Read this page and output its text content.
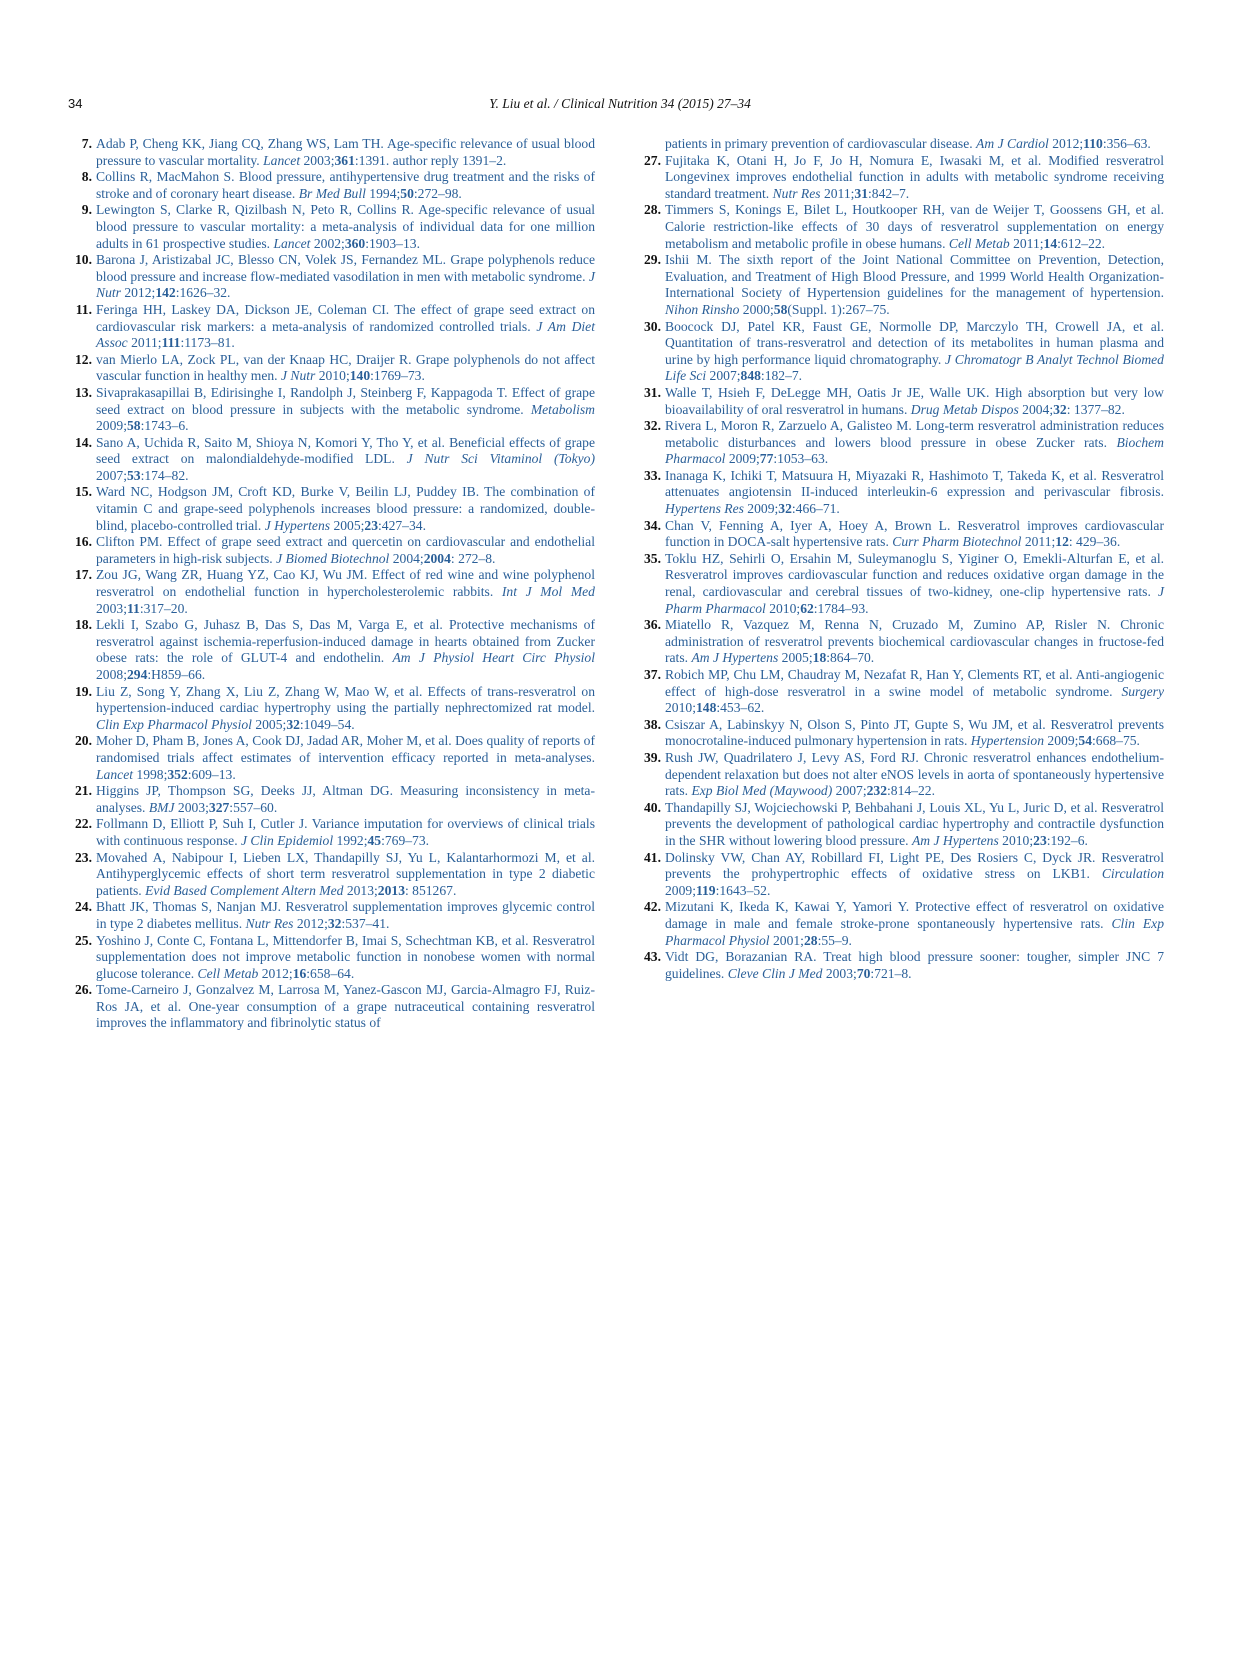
34	Y. Liu et al. / Clinical Nutrition 34 (2015) 27–34
7. Adab P, Cheng KK, Jiang CQ, Zhang WS, Lam TH. Age-specific relevance of usual blood pressure to vascular mortality. Lancet 2003;361:1391. author reply 1391–2.
8. Collins R, MacMahon S. Blood pressure, antihypertensive drug treatment and the risks of stroke and of coronary heart disease. Br Med Bull 1994;50:272–98.
9. Lewington S, Clarke R, Qizilbash N, Peto R, Collins R. Age-specific relevance of usual blood pressure to vascular mortality: a meta-analysis of individual data for one million adults in 61 prospective studies. Lancet 2002;360:1903–13.
10. Barona J, Aristizabal JC, Blesso CN, Volek JS, Fernandez ML. Grape polyphenols reduce blood pressure and increase flow-mediated vasodilation in men with metabolic syndrome. J Nutr 2012;142:1626–32.
11. Feringa HH, Laskey DA, Dickson JE, Coleman CI. The effect of grape seed extract on cardiovascular risk markers: a meta-analysis of randomized controlled trials. J Am Diet Assoc 2011;111:1173–81.
12. van Mierlo LA, Zock PL, van der Knaap HC, Draijer R. Grape polyphenols do not affect vascular function in healthy men. J Nutr 2010;140:1769–73.
13. Sivaprakasapillai B, Edirisinghe I, Randolph J, Steinberg F, Kappagoda T. Effect of grape seed extract on blood pressure in subjects with the metabolic syndrome. Metabolism 2009;58:1743–6.
14. Sano A, Uchida R, Saito M, Shioya N, Komori Y, Tho Y, et al. Beneficial effects of grape seed extract on malondialdehyde-modified LDL. J Nutr Sci Vitaminol (Tokyo) 2007;53:174–82.
15. Ward NC, Hodgson JM, Croft KD, Burke V, Beilin LJ, Puddey IB. The combination of vitamin C and grape-seed polyphenols increases blood pressure: a randomized, double-blind, placebo-controlled trial. J Hypertens 2005;23:427–34.
16. Clifton PM. Effect of grape seed extract and quercetin on cardiovascular and endothelial parameters in high-risk subjects. J Biomed Biotechnol 2004;2004: 272–8.
17. Zou JG, Wang ZR, Huang YZ, Cao KJ, Wu JM. Effect of red wine and wine polyphenol resveratrol on endothelial function in hypercholesterolemic rabbits. Int J Mol Med 2003;11:317–20.
18. Lekli I, Szabo G, Juhasz B, Das S, Das M, Varga E, et al. Protective mechanisms of resveratrol against ischemia-reperfusion-induced damage in hearts obtained from Zucker obese rats: the role of GLUT-4 and endothelin. Am J Physiol Heart Circ Physiol 2008;294:H859–66.
19. Liu Z, Song Y, Zhang X, Liu Z, Zhang W, Mao W, et al. Effects of trans-resveratrol on hypertension-induced cardiac hypertrophy using the partially nephrectomized rat model. Clin Exp Pharmacol Physiol 2005;32:1049–54.
20. Moher D, Pham B, Jones A, Cook DJ, Jadad AR, Moher M, et al. Does quality of reports of randomised trials affect estimates of intervention efficacy reported in meta-analyses. Lancet 1998;352:609–13.
21. Higgins JP, Thompson SG, Deeks JJ, Altman DG. Measuring inconsistency in meta-analyses. BMJ 2003;327:557–60.
22. Follmann D, Elliott P, Suh I, Cutler J. Variance imputation for overviews of clinical trials with continuous response. J Clin Epidemiol 1992;45:769–73.
23. Movahed A, Nabipour I, Lieben LX, Thandapilly SJ, Yu L, Kalantarhormozi M, et al. Antihyperglycemic effects of short term resveratrol supplementation in type 2 diabetic patients. Evid Based Complement Altern Med 2013;2013: 851267.
24. Bhatt JK, Thomas S, Nanjan MJ. Resveratrol supplementation improves glycemic control in type 2 diabetes mellitus. Nutr Res 2012;32:537–41.
25. Yoshino J, Conte C, Fontana L, Mittendorfer B, Imai S, Schechtman KB, et al. Resveratrol supplementation does not improve metabolic function in nonobese women with normal glucose tolerance. Cell Metab 2012;16:658–64.
26. Tome-Carneiro J, Gonzalvez M, Larrosa M, Yanez-Gascon MJ, Garcia-Almagro FJ, Ruiz-Ros JA, et al. One-year consumption of a grape nutraceutical containing resveratrol improves the inflammatory and fibrinolytic status of
patients in primary prevention of cardiovascular disease. Am J Cardiol 2012;110:356–63.
27. Fujitaka K, Otani H, Jo F, Jo H, Nomura E, Iwasaki M, et al. Modified resveratrol Longevinex improves endothelial function in adults with metabolic syndrome receiving standard treatment. Nutr Res 2011;31:842–7.
28. Timmers S, Konings E, Bilet L, Houtkooper RH, van de Weijer T, Goossens GH, et al. Calorie restriction-like effects of 30 days of resveratrol supplementation on energy metabolism and metabolic profile in obese humans. Cell Metab 2011;14:612–22.
29. Ishii M. The sixth report of the Joint National Committee on Prevention, Detection, Evaluation, and Treatment of High Blood Pressure, and 1999 World Health Organization-International Society of Hypertension guidelines for the management of hypertension. Nihon Rinsho 2000;58(Suppl. 1):267–75.
30. Boocock DJ, Patel KR, Faust GE, Normolle DP, Marczylo TH, Crowell JA, et al. Quantitation of trans-resveratrol and detection of its metabolites in human plasma and urine by high performance liquid chromatography. J Chromatogr B Analyt Technol Biomed Life Sci 2007;848:182–7.
31. Walle T, Hsieh F, DeLegge MH, Oatis Jr JE, Walle UK. High absorption but very low bioavailability of oral resveratrol in humans. Drug Metab Dispos 2004;32: 1377–82.
32. Rivera L, Moron R, Zarzuelo A, Galisteo M. Long-term resveratrol administration reduces metabolic disturbances and lowers blood pressure in obese Zucker rats. Biochem Pharmacol 2009;77:1053–63.
33. Inanaga K, Ichiki T, Matsuura H, Miyazaki R, Hashimoto T, Takeda K, et al. Resveratrol attenuates angiotensin II-induced interleukin-6 expression and perivascular fibrosis. Hypertens Res 2009;32:466–71.
34. Chan V, Fenning A, Iyer A, Hoey A, Brown L. Resveratrol improves cardiovascular function in DOCA-salt hypertensive rats. Curr Pharm Biotechnol 2011;12: 429–36.
35. Toklu HZ, Sehirli O, Ersahin M, Suleymanoglu S, Yiginer O, Emekli-Alturfan E, et al. Resveratrol improves cardiovascular function and reduces oxidative organ damage in the renal, cardiovascular and cerebral tissues of two-kidney, one-clip hypertensive rats. J Pharm Pharmacol 2010;62:1784–93.
36. Miatello R, Vazquez M, Renna N, Cruzado M, Zumino AP, Risler N. Chronic administration of resveratrol prevents biochemical cardiovascular changes in fructose-fed rats. Am J Hypertens 2005;18:864–70.
37. Robich MP, Chu LM, Chaudray M, Nezafat R, Han Y, Clements RT, et al. Anti-angiogenic effect of high-dose resveratrol in a swine model of metabolic syndrome. Surgery 2010;148:453–62.
38. Csiszar A, Labinskyy N, Olson S, Pinto JT, Gupte S, Wu JM, et al. Resveratrol prevents monocrotaline-induced pulmonary hypertension in rats. Hypertension 2009;54:668–75.
39. Rush JW, Quadrilatero J, Levy AS, Ford RJ. Chronic resveratrol enhances endothelium-dependent relaxation but does not alter eNOS levels in aorta of spontaneously hypertensive rats. Exp Biol Med (Maywood) 2007;232:814–22.
40. Thandapilly SJ, Wojciechowski P, Behbahani J, Louis XL, Yu L, Juric D, et al. Resveratrol prevents the development of pathological cardiac hypertrophy and contractile dysfunction in the SHR without lowering blood pressure. Am J Hypertens 2010;23:192–6.
41. Dolinsky VW, Chan AY, Robillard FI, Light PE, Des Rosiers C, Dyck JR. Resveratrol prevents the prohypertrophic effects of oxidative stress on LKB1. Circulation 2009;119:1643–52.
42. Mizutani K, Ikeda K, Kawai Y, Yamori Y. Protective effect of resveratrol on oxidative damage in male and female stroke-prone spontaneously hypertensive rats. Clin Exp Pharmacol Physiol 2001;28:55–9.
43. Vidt DG, Borazanian RA. Treat high blood pressure sooner: tougher, simpler JNC 7 guidelines. Cleve Clin J Med 2003;70:721–8.
